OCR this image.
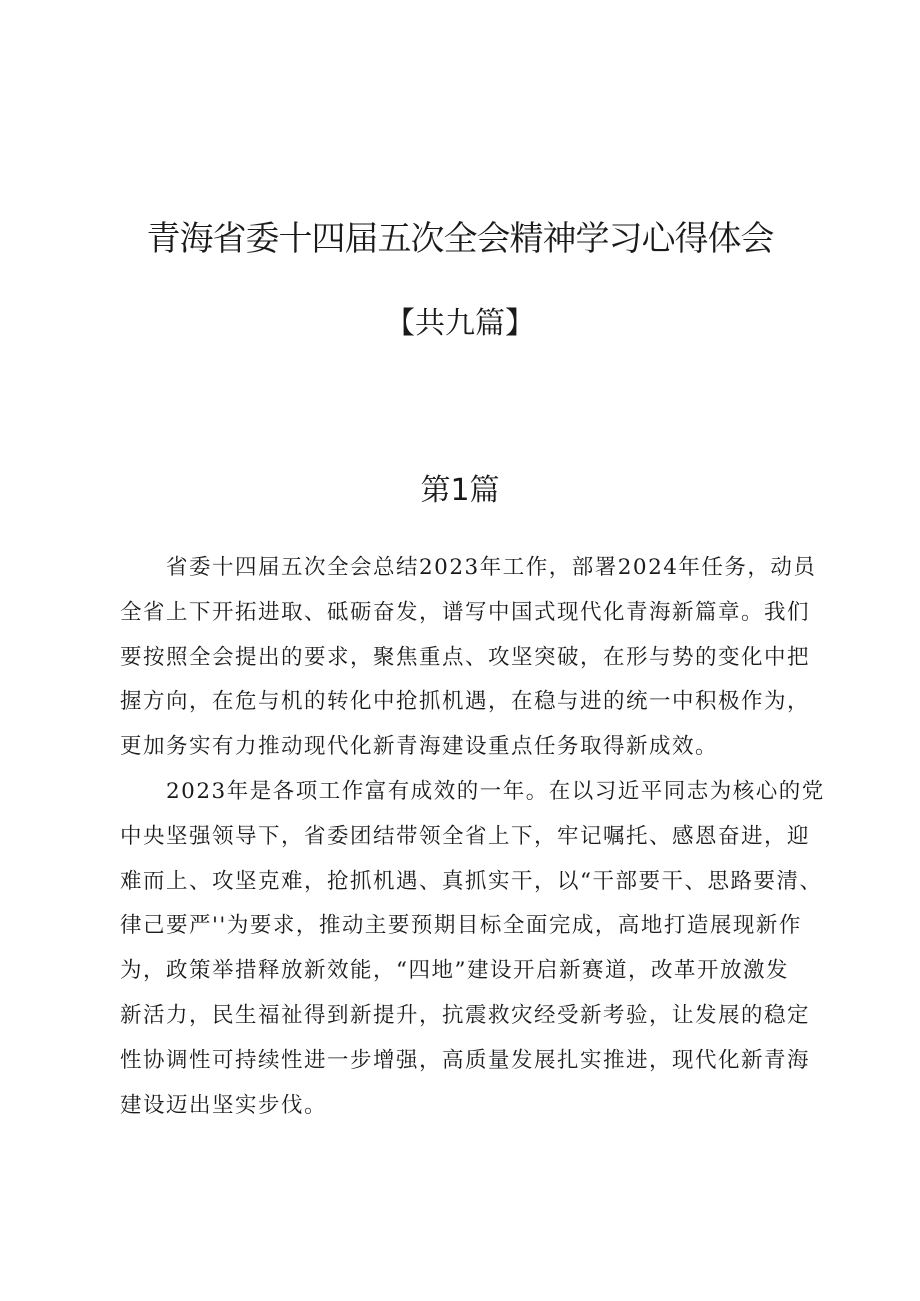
青海省委十四届五次全会精神学习心得体会
【共九篇】
第1篇
　　省委十四届五次全会总结2023年工作，部署2024年任务，动员
全省上下开拓进取、砥砺奋发，谱写中国式现代化青海新篇章。我们
要按照全会提出的要求，聚焦重点、攻坚突破，在形与势的变化中把
握方向，在危与机的转化中抢抓机遇，在稳与进的统一中积极作为，
更加务实有力推动现代化新青海建设重点任务取得新成效。
　　2023年是各项工作富有成效的一年。在以习近平同志为核心的党
中央坚强领导下，省委团结带领全省上下，牢记嘱托、感恩奋进，迎
难而上、攻坚克难，抢抓机遇、真抓实干，以“干部要干、思路要清、
律己要严''为要求，推动主要预期目标全面完成，高地打造展现新作
为，政策举措释放新效能，“四地”建设开启新赛道，改革开放激发
新活力，民生福祉得到新提升，抗震救灾经受新考验，让发展的稳定
性协调性可持续性进一步增强，高质量发展扎实推进，现代化新青海
建设迈出坚实步伐。
